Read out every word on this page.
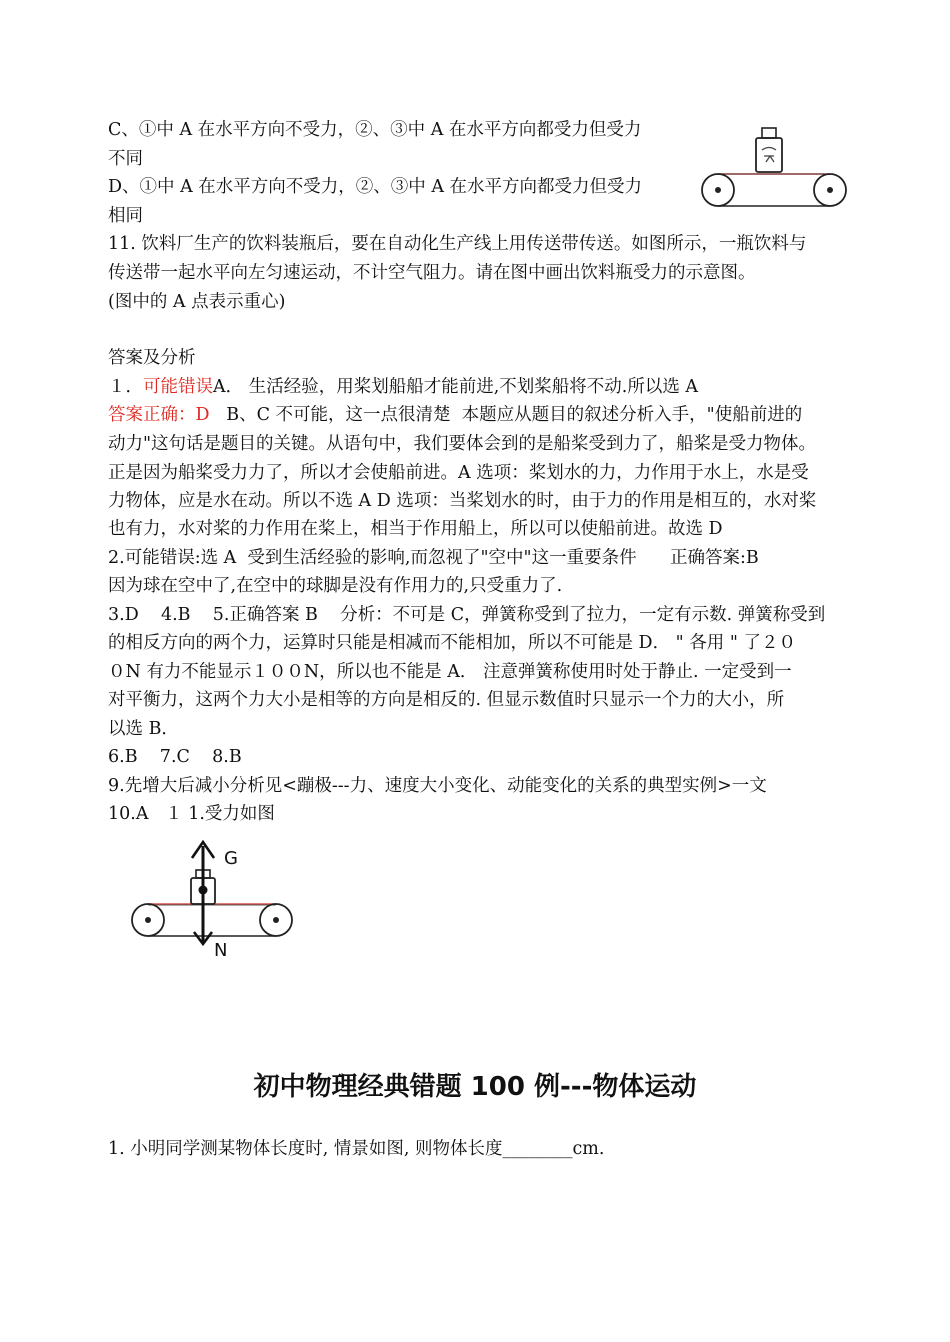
C、①中 A 在水平方向不受力，②、③中 A 在水平方向都受力但受力
不同
D、①中 A 在水平方向不受力，②、③中 A 在水平方向都受力但受力
相同
11. 饮料厂生产的饮料装瓶后，要在自动化生产线上用传送带传送。如图所示，一瓶饮料与
传送带一起水平向左匀速运动，不计空气阻力。请在图中画出饮料瓶受力的示意图。
(图中的 A 点表示重心)
答案及分析
１．可能错误A． 生活经验，用桨划船船才能前进,不划桨船将不动.所以选 A
答案正确：D   B、C 不可能，这一点很清楚  本题应从题目的叙述分析入手，"使船前进的
动力"这句话是题目的关键。从语句中，我们要体会到的是船桨受到力了，船桨是受力物体。
正是因为船桨受力力了，所以才会使船前进。A 选项：桨划水的力，力作用于水上，水是受
力物体，应是水在动。所以不选 A D 选项：当桨划水的时，由于力的作用是相互的，水对桨
也有力，水对桨的力作用在桨上，相当于作用船上，所以可以使船前进。故选 D
2.可能错误:选 A  受到生活经验的影响,而忽视了"空中"这一重要条件      正确答案:B
因为球在空中了,在空中的球脚是没有作用力的,只受重力了.
3.D    4.B    5.正确答案 B    分析：不可是 C，弹簧称受到了拉力，一定有示数. 弹簧称受到
的相反方向的两个力，运算时只能是相减而不能相加，所以不可能是 D． " 各用 " 了２０
０N 有力不能显示１００N，所以也不能是 A． 注意弹簧称使用时处于静止. 一定受到一
对平衡力，这两个力大小是相等的方向是相反的. 但显示数值时只显示一个力的大小，所
以选 B．
6.B    7.C    8.B
9.先增大后减小分析见<蹦极---力、速度大小变化、动能变化的关系的典型实例>一文
10.A   １ 1.受力如图
G
N
初中物理经典错题 100 例---物体运动
1. 小明同学测某物体长度时, 情景如图, 则物体长度________cm.
